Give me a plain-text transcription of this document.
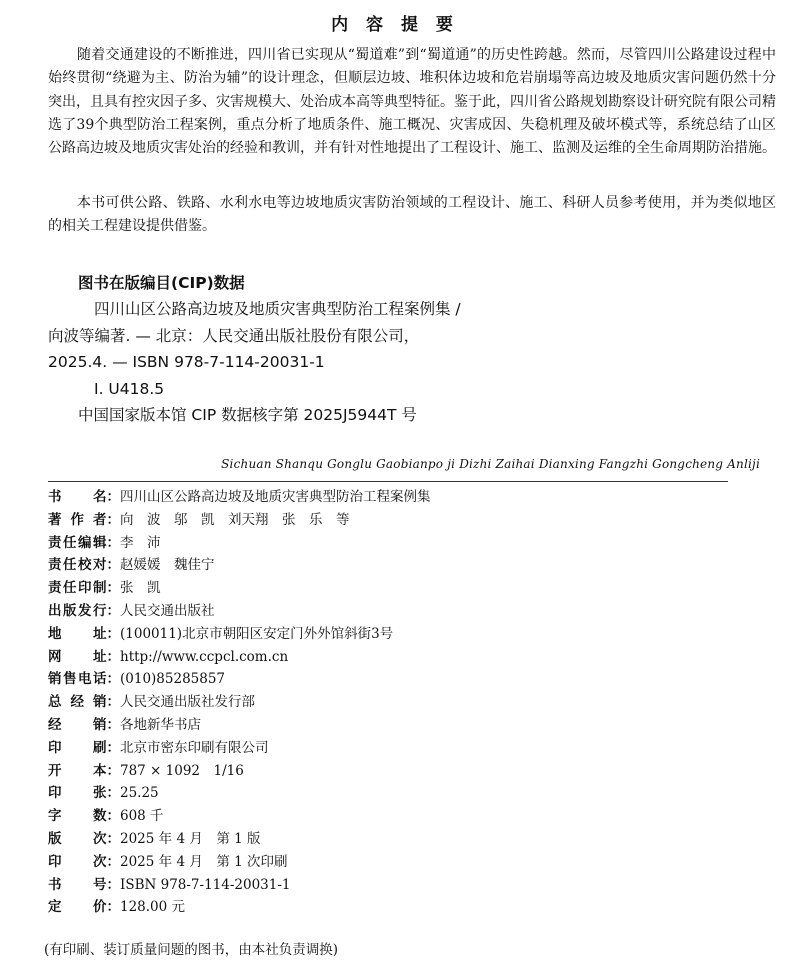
内 容 提 要

随着交通建设的不断推进，四川省已实现从“蜀道难”到“蜀道通”的历史性跨越。然而，尽管四川公路建设过程中始终贯彻“绕避为主、防治为辅”的设计理念，但顺层边坡、堆积体边坡和危岩崩塌等高边坡及地质灾害问题仍然十分突出，且具有控灾因子多、灾害规模大、处治成本高等典型特征。鉴于此，四川省公路规划勘察设计研究院有限公司精选了39个典型防治工程案例，重点分析了地质条件、施工概况、灾害成因、失稳机理及破坏模式等，系统总结了山区公路高边坡及地质灾害处治的经验和教训，并有针对性地提出了工程设计、施工、监测及运维的全生命周期防治措施。

本书可供公路、铁路、水利水电等边坡地质灾害防治领域的工程设计、施工、科研人员参考使用，并为类似地区的相关工程建设提供借鉴。

图书在版编目(CIP)数据
四川山区公路高边坡及地质灾害典型防治工程案例集 /
向波等编著. — 北京：人民交通出版社股份有限公司，
2025.4. — ISBN 978-7-114-20031-1
Ⅰ. U418.5
中国国家版本馆 CIP 数据核字第 2025J5944T 号
Sichuan Shanqu Gonglu Gaobianpo ji Dizhi Zaihai Dianxing Fangzhi Gongcheng Anliji
书 名 ： 四川山区公路高边坡及地质灾害典型防治工程案例集
著 作 者 ： 向　波　邬　凯　刘天翔　张　乐　等
责 任 编 辑 ： 李　沛
责 任 校 对 ： 赵媛媛　魏佳宁
责 任 印 制 ： 张　凯
出 版 发 行 ： 人民交通出版社
地 址 ： (100011)北京市朝阳区安定门外外馆斜街3号
网 址 ： http://www.ccpcl.com.cn
销 售 电 话 ： (010)85285857
总 经 销 ： 人民交通出版社发行部
经 销 ： 各地新华书店
印 刷 ： 北京市密东印刷有限公司
开 本 ： 787 × 1092　1/16
印 张 ： 25.25
字 数 ： 608 千
版 次 ： 2025 年 4 月　第 1 版
印 次 ： 2025 年 4 月　第 1 次印刷
书 号 ： ISBN 978-7-114-20031-1
定 价 ： 128.00 元
(有印刷、装订质量问题的图书，由本社负责调换)
